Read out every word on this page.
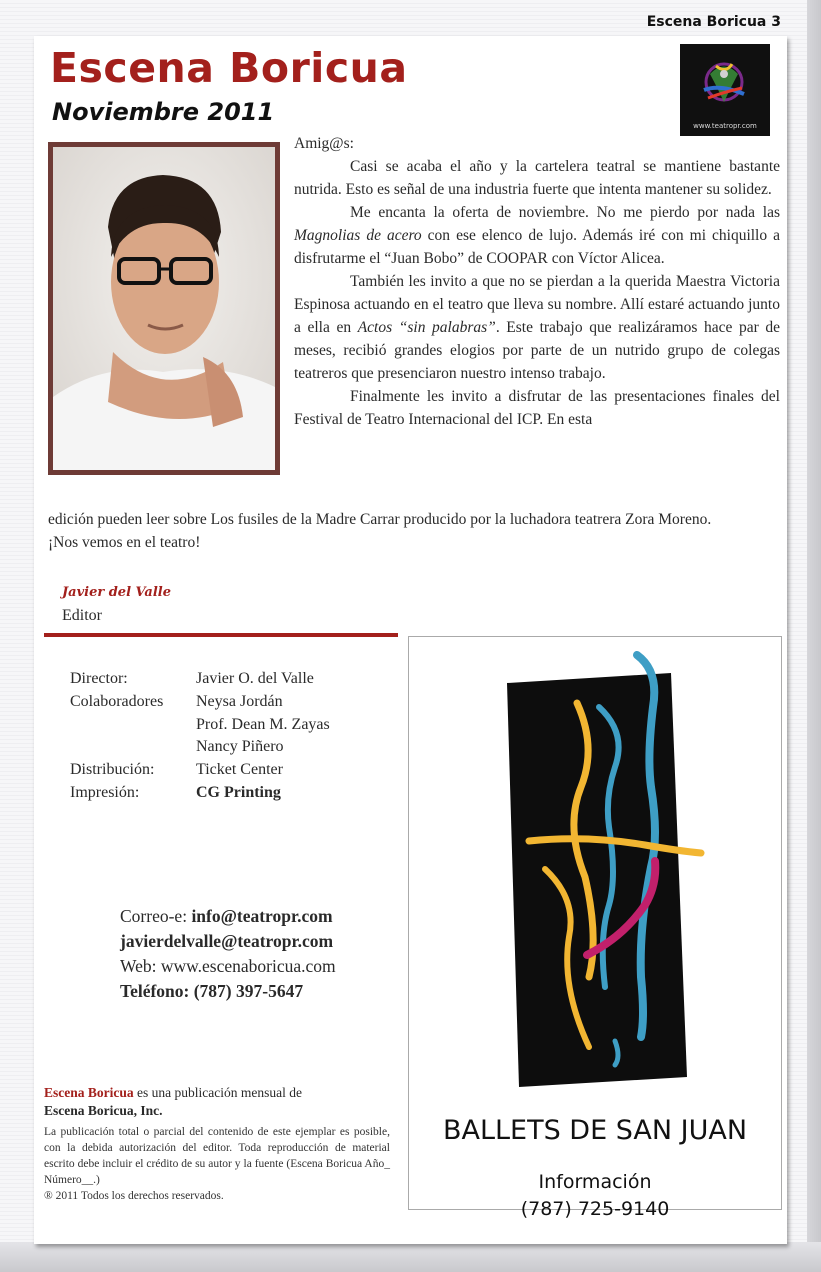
Escena Boricua 3
Escena Boricua
Noviembre 2011	www.teatropr.com

Amig@s:

Casi se acaba el año y la cartelera teatral se mantiene bastante nutrida. Esto es señal de una industria fuerte que intenta mantener su solidez.

Me encanta la oferta de noviembre. No me pierdo por nada las Magnolias de acero con ese elenco de lujo. Además iré con mi chiquillo a disfrutarme el “Juan Bobo” de COOPAR con Víctor Alicea.

También les invito a que no se pierdan a la querida Maestra Victoria Espinosa actuando en el teatro que lleva su nombre. Allí estaré actuando junto a ella en Actos “sin palabras”. Este trabajo que realizáramos hace par de meses, recibió grandes elogios por parte de un nutrido grupo de colegas teatreros que presenciaron nuestro intenso trabajo.

Finalmente les invito a disfrutar de las presentaciones finales del Festival de Teatro Internacional del ICP. En esta

edición pueden leer sobre Los fusiles de la Madre Carrar producido por la luchadora teatrera Zora Moreno.

¡Nos vemos en el teatro!

Javier del Valle
Editor
Director:	Javier O. del Valle
Colaboradores	Neysa Jordán
Prof. Dean M. Zayas
Nancy Piñero
Distribución:	Ticket Center
Impresión:	CG Printing
Correo-e: info@teatropr.com
javierdelvalle@teatropr.com
Web: www.escenaboricua.com
Teléfono: (787) 397-5647
Escena Boricua es una publicación mensual de
Escena Boricua, Inc.

La publicación total o parcial del contenido de este ejemplar es posible, con la debida autorización del editor. Toda reproducción de material escrito debe incluir el crédito de su autor y la fuente (Escena Boricua Año_ Número__.)

® 2011 Todos los derechos reservados.

BALLETS DE SAN JUAN
Información
(787) 725-9140
